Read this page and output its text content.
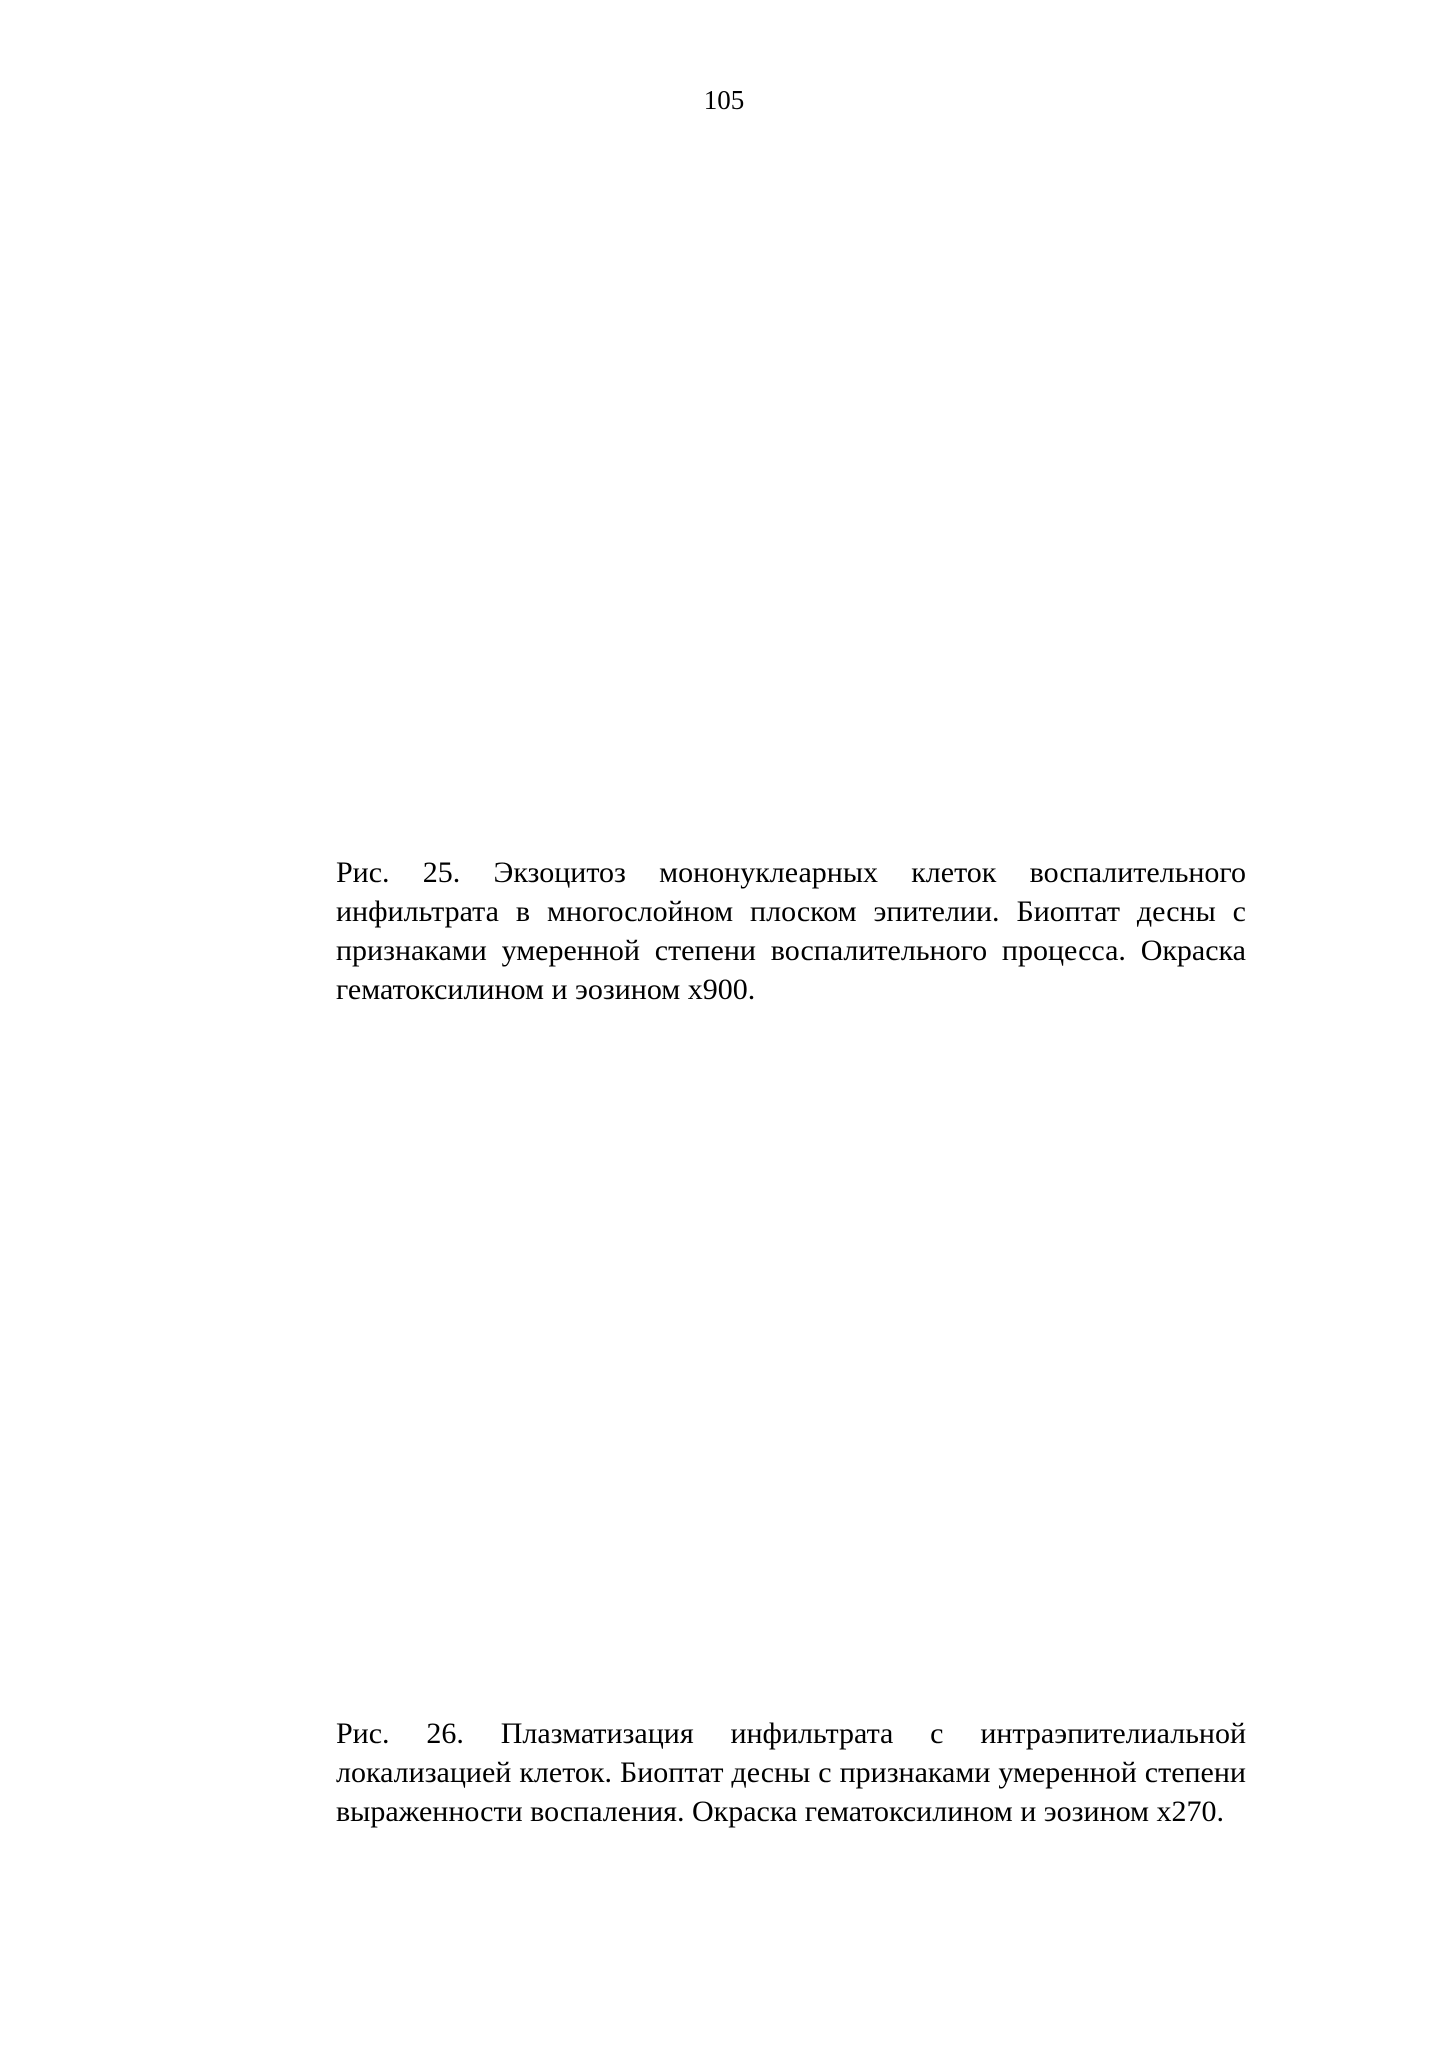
105

Рис. 25. Экзоцитоз мононуклеарных клеток воспалительного инфильтрата в многослойном плоском эпителии. Биоптат десны с признаками умеренной степени воспалительного процесса. Окраска гематоксилином и эозином х900.

Рис. 26. Плазматизация инфильтрата с интраэпителиальной локализацией клеток. Биоптат десны с признаками умеренной степени выраженности воспаления. Окраска гематоксилином и эозином х270.
